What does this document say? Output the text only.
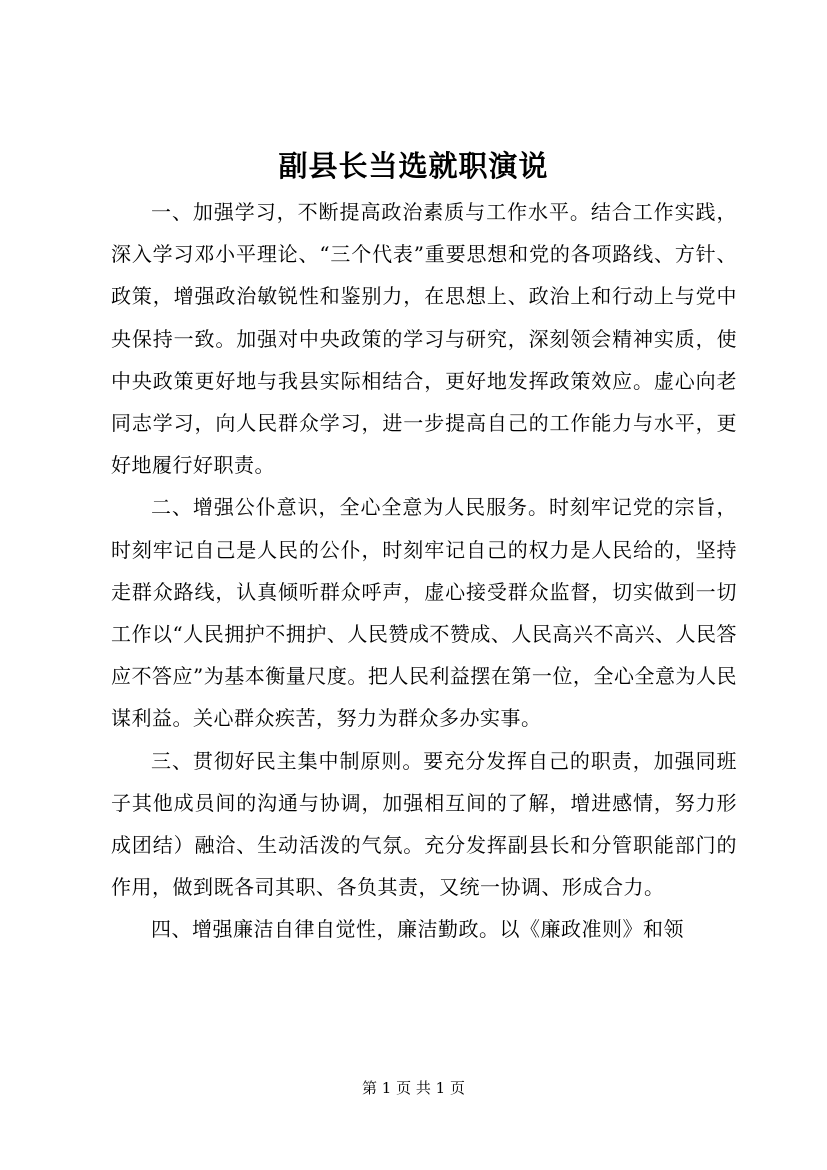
副县长当选就职演说

一、加强学习，不断提高政治素质与工作水平。结合工作实践，深入学习邓小平理论、“三个代表”重要思想和党的各项路线、方针、政策，增强政治敏锐性和鉴别力，在思想上、政治上和行动上与党中央保持一致。加强对中央政策的学习与研究，深刻领会精神实质，使中央政策更好地与我县实际相结合，更好地发挥政策效应。虚心向老同志学习，向人民群众学习，进一步提高自己的工作能力与水平，更好地履行好职责。

二、增强公仆意识，全心全意为人民服务。时刻牢记党的宗旨，时刻牢记自己是人民的公仆，时刻牢记自己的权力是人民给的，坚持走群众路线，认真倾听群众呼声，虚心接受群众监督，切实做到一切工作以“人民拥护不拥护、人民赞成不赞成、人民高兴不高兴、人民答应不答应”为基本衡量尺度。把人民利益摆在第一位，全心全意为人民谋利益。关心群众疾苦，努力为群众多办实事。

三、贯彻好民主集中制原则。要充分发挥自己的职责，加强同班子其他成员间的沟通与协调，加强相互间的了解，增进感情，努力形成团结）融洽、生动活泼的气氛。充分发挥副县长和分管职能部门的作用，做到既各司其职、各负其责，又统一协调、形成合力。

四、增强廉洁自律自觉性，廉洁勤政。以《廉政准则》和领

第 1 页 共 1 页
